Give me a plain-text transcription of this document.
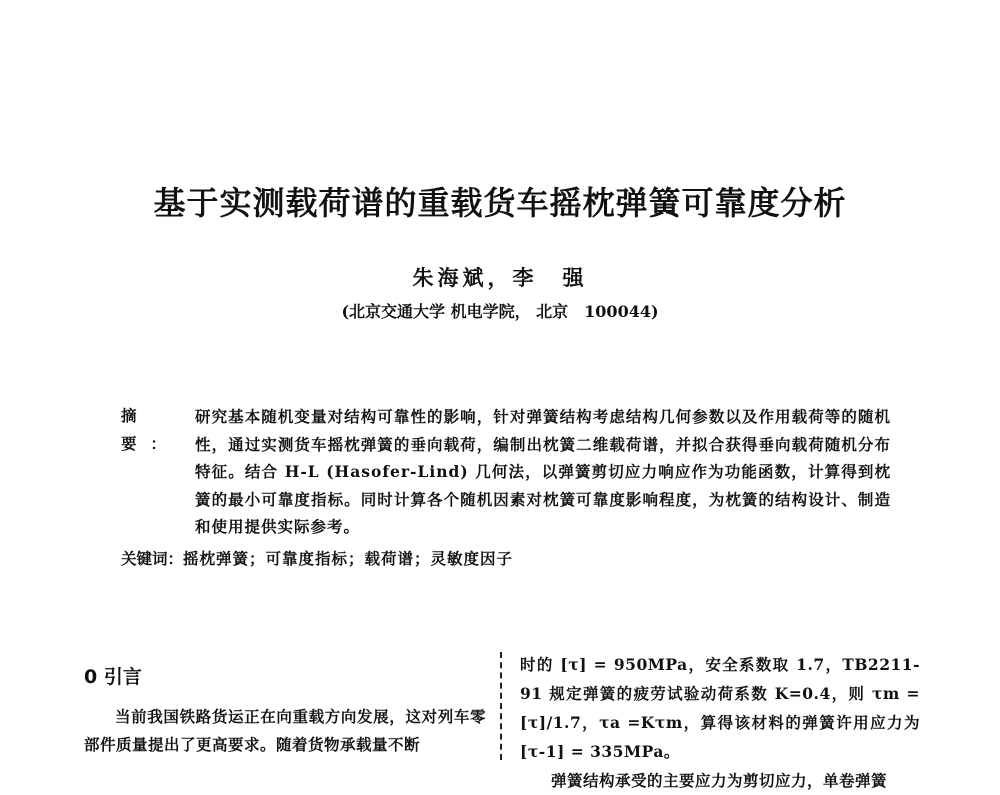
基于实测载荷谱的重载货车摇枕弹簧可靠度分析
朱海斌，李　强
(北京交通大学 机电学院， 北京　100044)
摘　要：
研究基本随机变量对结构可靠性的影响，针对弹簧结构考虑结构几何参数以及作用载荷等的随机性，通过实测货车摇枕弹簧的垂向载荷，编制出枕簧二维载荷谱，并拟合获得垂向载荷随机分布特征。结合 H-L (Hasofer-Lind) 几何法，以弹簧剪切应力响应作为功能函数，计算得到枕簧的最小可靠度指标。同时计算各个随机因素对枕簧可靠度影响程度，为枕簧的结构设计、制造和使用提供实际参考。
关键词：摇枕弹簧；可靠度指标；载荷谱；灵敏度因子
0 引言

当前我国铁路货运正在向重载方向发展，这对列车零部件质量提出了更高要求。随着货物承载量不断

时的 [τ] = 950MPa，安全系数取 1.7，TB2211-91 规定弹簧的疲劳试验动荷系数 K=0.4，则 τm =[τ]/1.7，τa =Kτm，算得该材料的弹簧许用应力为 [τ-1] = 335MPa。

弹簧结构承受的主要应力为剪切应力，单卷弹簧
